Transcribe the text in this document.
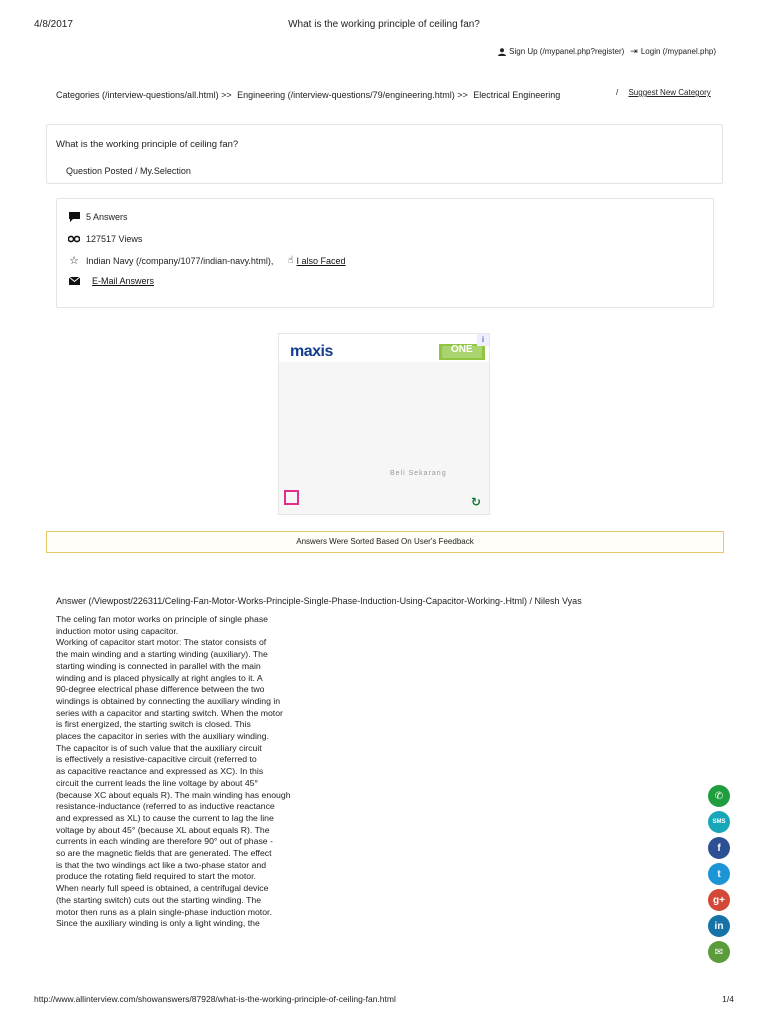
4/8/2017	What is the working principle of ceiling fan?
Sign Up (/mypanel.php?register) ⇥ Login (/mypanel.php)
Categories (/interview-questions/all.html) >> Engineering (/interview-questions/79/engineering.html) >> Electrical Engineering	/ Suggest New Category
What is the working principle of ceiling fan?
Question Posted / My.Selection
5 Answers
127517 Views
☆ Indian Navy (/company/1077/indian-navy.html), ☝ I also Faced
E-Mail Answers
maxis	ONE
i
Beli Sekarang
↻
Answers Were Sorted Based On User's Feedback
Answer (/Viewpost/226311/Celing-Fan-Motor-Works-Principle-Single-Phase-Induction-Using-Capacitor-Working-.Html) / Nilesh Vyas
The celing fan motor works on principle of single phase
induction motor using capacitor.
Working of capacitor start motor: The stator consists of
the main winding and a starting winding (auxiliary). The
starting winding is connected in parallel with the main
winding and is placed physically at right angles to it. A
90-degree electrical phase difference between the two
windings is obtained by connecting the auxiliary winding in
series with a capacitor and starting switch. When the motor
is first energized, the starting switch is closed. This
places the capacitor in series with the auxiliary winding.
The capacitor is of such value that the auxiliary circuit
is effectively a resistive-capacitive circuit (referred to
as capacitive reactance and expressed as XC). In this
circuit the current leads the line voltage by about 45°
(because XC about equals R). The main winding has enough
resistance-inductance (referred to as inductive reactance
and expressed as XL) to cause the current to lag the line
voltage by about 45° (because XL about equals R). The
currents in each winding are therefore 90° out of phase -
so are the magnetic fields that are generated. The effect
is that the two windings act like a two-phase stator and
produce the rotating field required to start the motor.
When nearly full speed is obtained, a centrifugal device
(the starting switch) cuts out the starting winding. The
motor then runs as a plain single-phase induction motor.
Since the auxiliary winding is only a light winding, the
✆
SMS
f
t
g+
in
✉
http://www.allinterview.com/showanswers/87928/what-is-the-working-principle-of-ceiling-fan.html	1/4
